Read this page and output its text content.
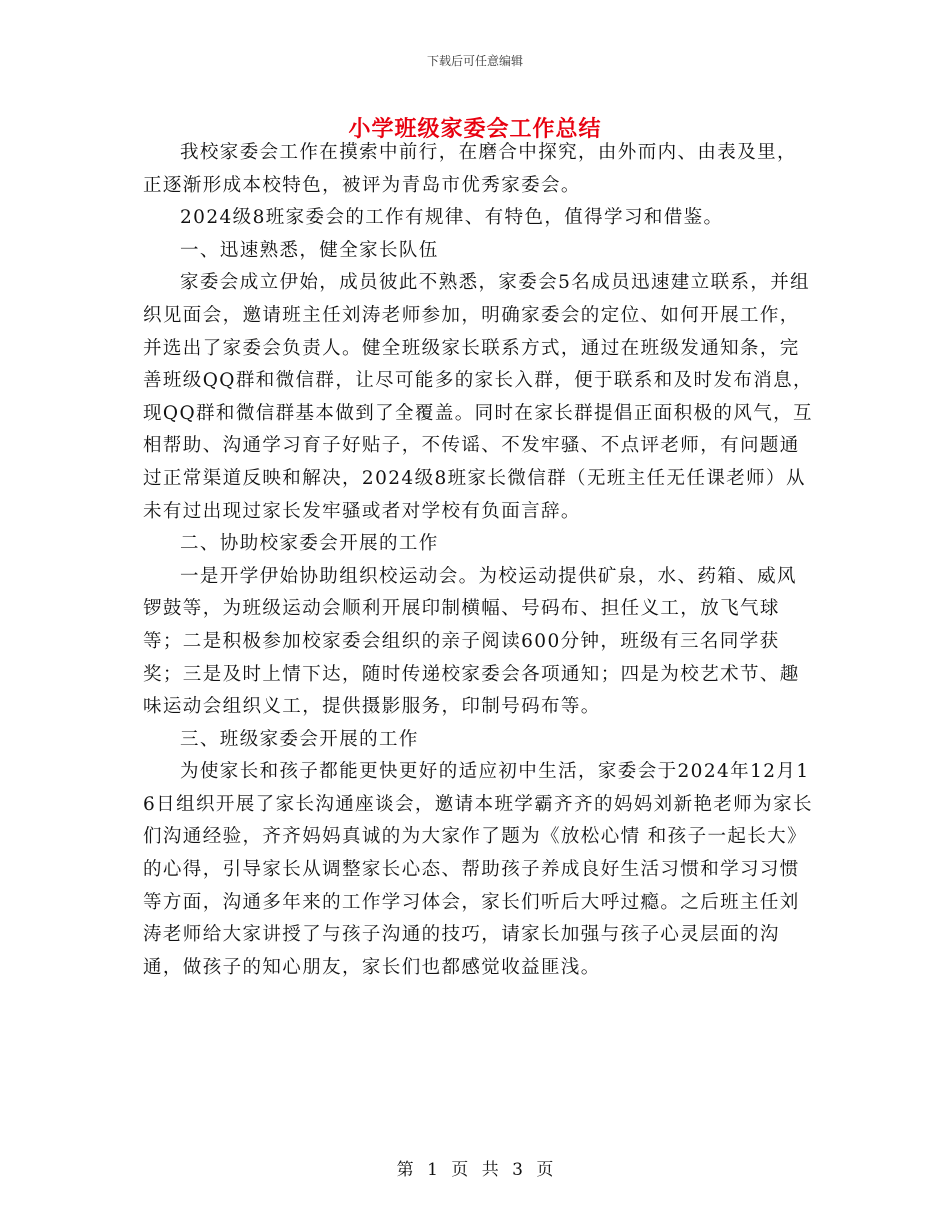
下载后可任意编辑
小学班级家委会工作总结

我校家委会工作在摸索中前行，在磨合中探究，由外而内、由表及里，正逐渐形成本校特色，被评为青岛市优秀家委会。

2024级8班家委会的工作有规律、有特色，值得学习和借鉴。

一、迅速熟悉，健全家长队伍

家委会成立伊始，成员彼此不熟悉，家委会5名成员迅速建立联系，并组织见面会，邀请班主任刘涛老师参加，明确家委会的定位、如何开展工作，并选出了家委会负责人。健全班级家长联系方式，通过在班级发通知条，完善班级QQ群和微信群，让尽可能多的家长入群，便于联系和及时发布消息，现QQ群和微信群基本做到了全覆盖。同时在家长群提倡正面积极的风气，互相帮助、沟通学习育子好贴子，不传谣、不发牢骚、不点评老师，有问题通过正常渠道反映和解决，2024级8班家长微信群（无班主任无任课老师）从未有过出现过家长发牢骚或者对学校有负面言辞。

二、协助校家委会开展的工作

一是开学伊始协助组织校运动会。为校运动提供矿泉，水、药箱、威风锣鼓等，为班级运动会顺利开展印制横幅、号码布、担任义工，放飞气球等；二是积极参加校家委会组织的亲子阅读600分钟，班级有三名同学获奖；三是及时上情下达，随时传递校家委会各项通知；四是为校艺术节、趣味运动会组织义工，提供摄影服务，印制号码布等。

三、班级家委会开展的工作

为使家长和孩子都能更快更好的适应初中生活，家委会于2024年12月16日组织开展了家长沟通座谈会，邀请本班学霸齐齐的妈妈刘新艳老师为家长们沟通经验，齐齐妈妈真诚的为大家作了题为《放松心情 和孩子一起长大》的心得，引导家长从调整家长心态、帮助孩子养成良好生活习惯和学习习惯等方面，沟通多年来的工作学习体会，家长们听后大呼过瘾。之后班主任刘涛老师给大家讲授了与孩子沟通的技巧，请家长加强与孩子心灵层面的沟通，做孩子的知心朋友，家长们也都感觉收益匪浅。

第 1 页 共 3 页
